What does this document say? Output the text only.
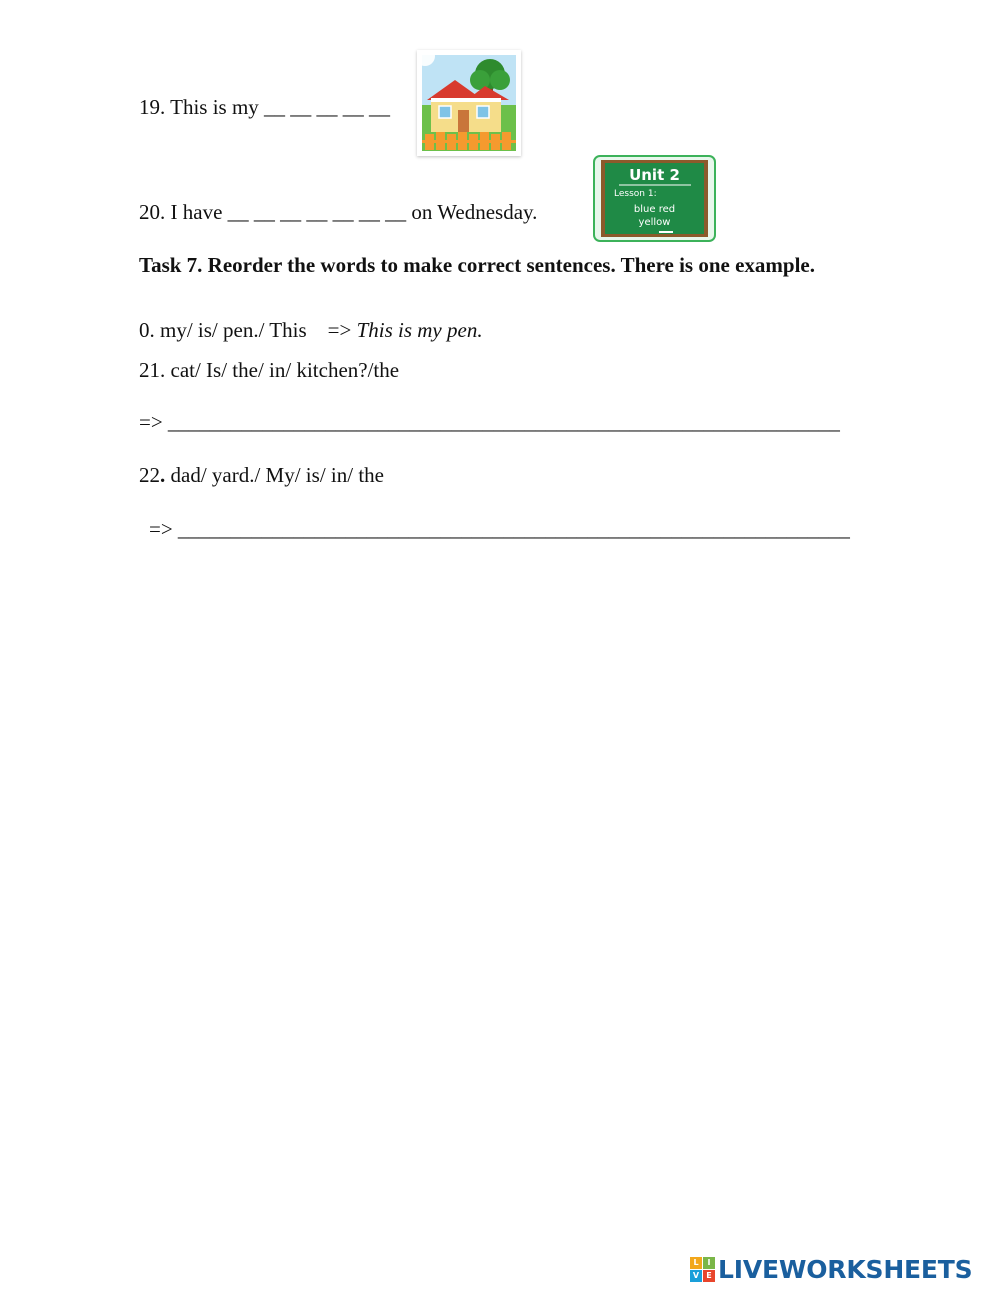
19. This is my __ __ __ __ __
20. I have __ __ __ __ __ __ __ on Wednesday.
Unit 2
Lesson 1:
blue red
yellow
Task 7. Reorder the words to make correct sentences. There is one example.
0. my/ is/ pen./ This    => This is my pen.
21. cat/ Is/ the/ in/ kitchen?/the
=> ________________________________________________________________
22. dad/ yard./ My/ is/ in/ the
=> ________________________________________________________________
L	I
V E LIVEWORKSHEETS
